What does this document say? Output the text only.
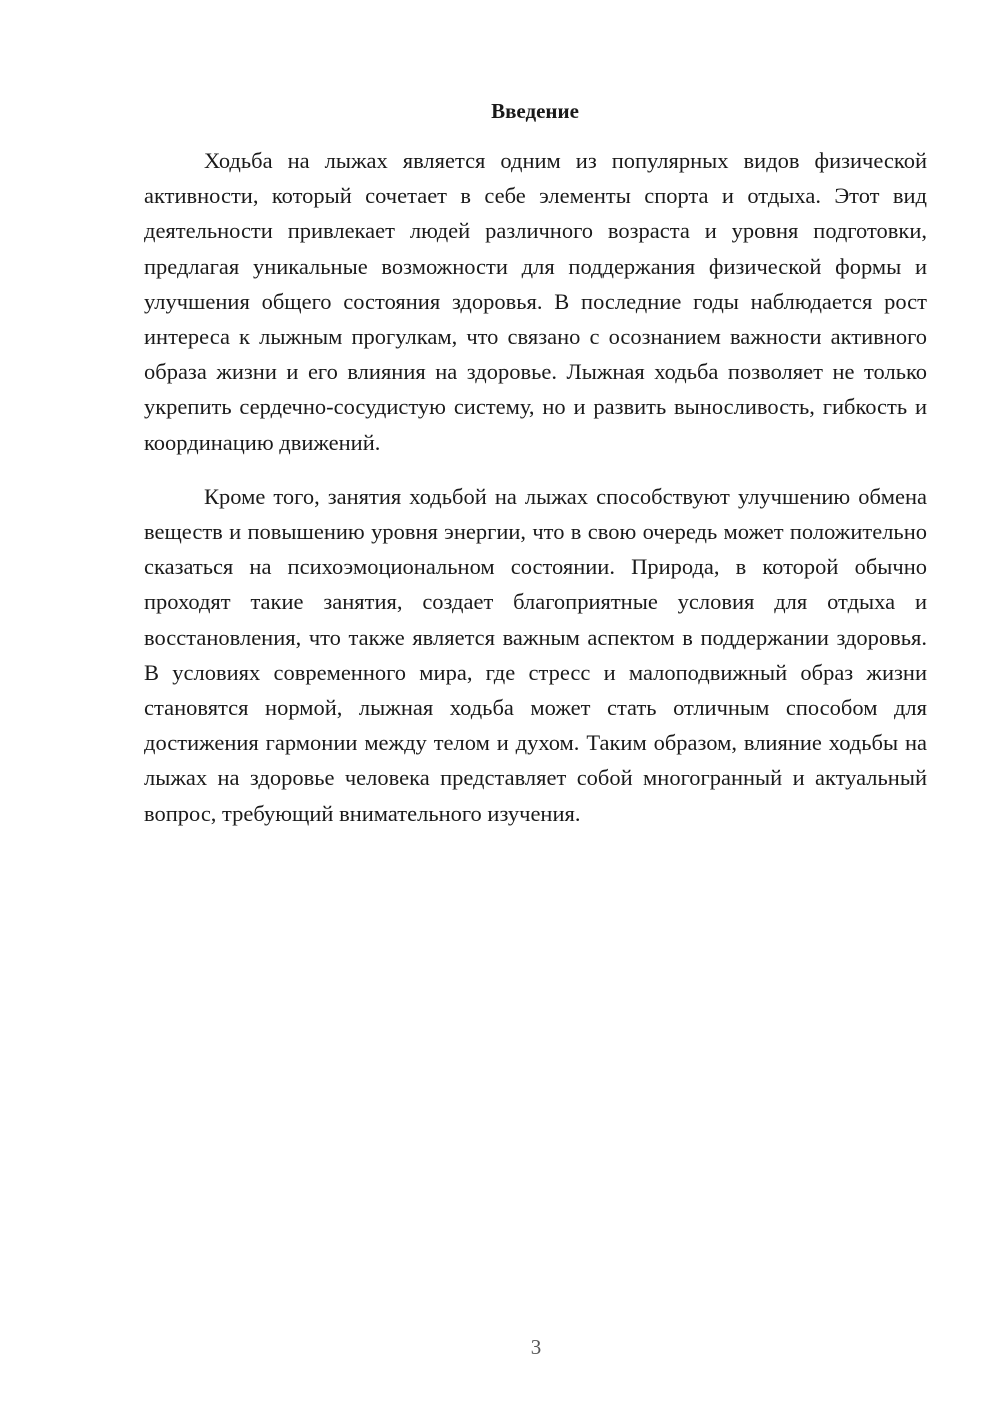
Введение

Ходьба на лыжах является одним из популярных видов физической активности, который сочетает в себе элементы спорта и отдыха. Этот вид деятельности привлекает людей различного возраста и уровня подготовки, предлагая уникальные возможности для поддержания физической формы и улучшения общего состояния здоровья. В последние годы наблюдается рост интереса к лыжным прогулкам, что связано с осознанием важности активного образа жизни и его влияния на здоровье. Лыжная ходьба позволяет не только укрепить сердечно-сосудистую систему, но и развить выносливость, гибкость и координацию движений.

Кроме того, занятия ходьбой на лыжах способствуют улучшению обмена веществ и повышению уровня энергии, что в свою очередь может положительно сказаться на психоэмоциональном состоянии. Природа, в которой обычно проходят такие занятия, создает благоприятные условия для отдыха и восстановления, что также является важным аспектом в поддержании здоровья. В условиях современного мира, где стресс и малоподвижный образ жизни становятся нормой, лыжная ходьба может стать отличным способом для достижения гармонии между телом и духом. Таким образом, влияние ходьбы на лыжах на здоровье человека представляет собой многогранный и актуальный вопрос, требующий внимательного изучения.

3
